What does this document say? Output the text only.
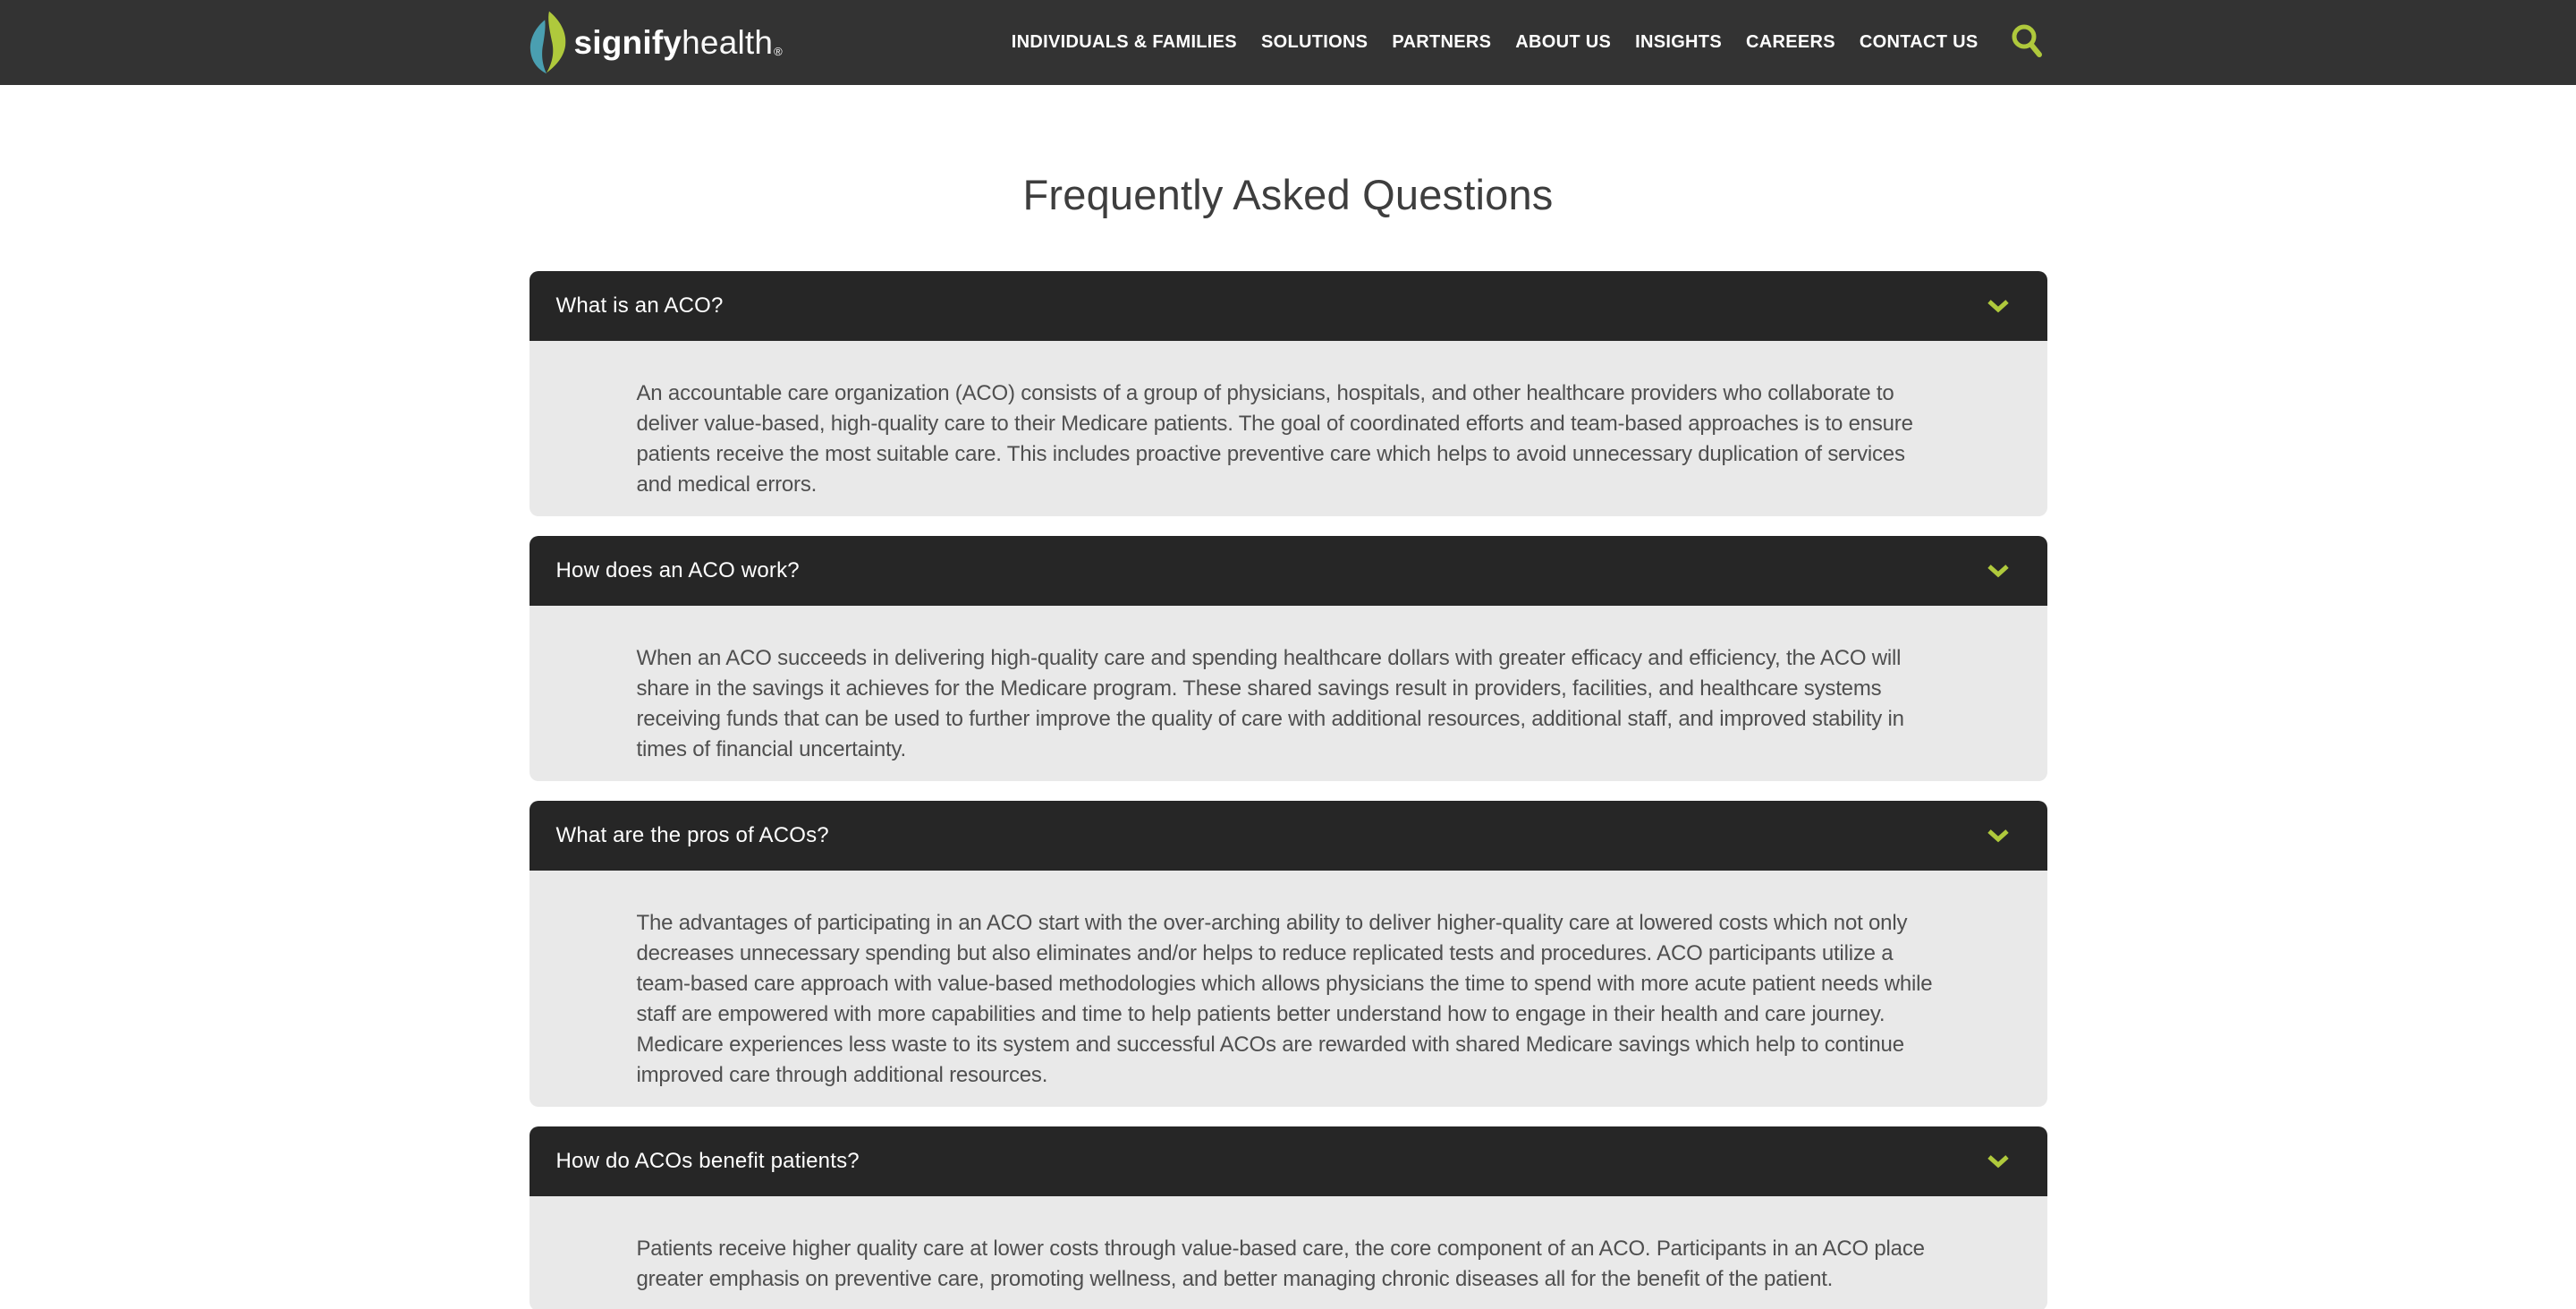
signifyhealth®	INDIVIDUALS & FAMILIES SOLUTIONS PARTNERS ABOUT US INSIGHTS CAREERS CONTACT US
Frequently Asked Questions
What is an ACO?

An accountable care organization (ACO) consists of a group of physicians, hospitals, and other healthcare providers who collaborate to deliver value-based, high-quality care to their Medicare patients. The goal of coordinated efforts and team-based approaches is to ensure patients receive the most suitable care. This includes proactive preventive care which helps to avoid unnecessary duplication of services and medical errors.

How does an ACO work?

When an ACO succeeds in delivering high-quality care and spending healthcare dollars with greater efficacy and efficiency, the ACO will share in the savings it achieves for the Medicare program. These shared savings result in providers, facilities, and healthcare systems receiving funds that can be used to further improve the quality of care with additional resources, additional staff, and improved stability in times of financial uncertainty.

What are the pros of ACOs?

The advantages of participating in an ACO start with the over-arching ability to deliver higher-quality care at lowered costs which not only decreases unnecessary spending but also eliminates and/or helps to reduce replicated tests and procedures. ACO participants utilize a team-based care approach with value-based methodologies which allows physicians the time to spend with more acute patient needs while staff are empowered with more capabilities and time to help patients better understand how to engage in their health and care journey. Medicare experiences less waste to its system and successful ACOs are rewarded with shared Medicare savings which help to continue improved care through additional resources.

How do ACOs benefit patients?

Patients receive higher quality care at lower costs through value-based care, the core component of an ACO. Participants in an ACO place greater emphasis on preventive care, promoting wellness, and better managing chronic diseases all for the benefit of the patient.
